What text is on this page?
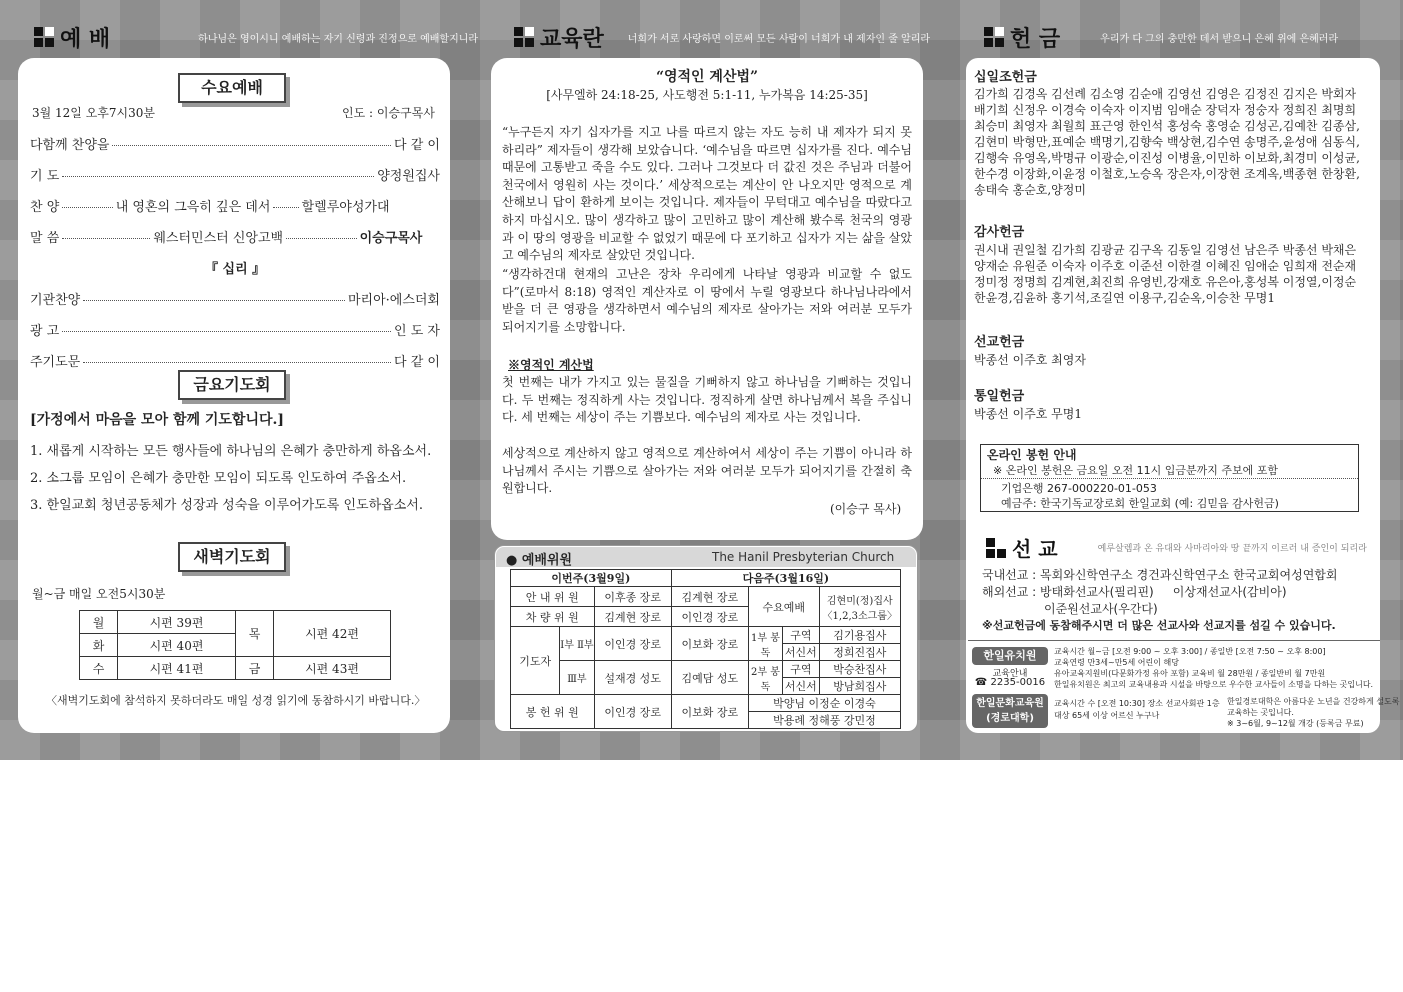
예 배	하나님은 영이시니 예배하는 자기 신령과 진정으로 예배할지니라
수요예배
3월 12일 오후7시30분	인도 : 이승구목사
다함께 찬양을	다 같 이
기 도	양정원집사
찬 양	내 영혼의 그윽히 깊은 데서 할렐루야성가대
말 씀	웨스터민스터 신앙고백	이승구목사
『 십리 』
기관찬양	마리아·에스더회
광 고	인 도 자
주기도문	다 같 이
금요기도회
[가정에서 마음을 모아 함께 기도합니다.]
1. 새롭게 시작하는 모든 행사들에 하나님의 은혜가 충만하게 하옵소서.
2. 소그룹 모임이 은혜가 충만한 모임이 되도록 인도하여 주옵소서.
3. 한일교회 청년공동체가 성장과 성숙을 이루어가도록 인도하옵소서.
새벽기도회
월~금 매일 오전5시30분
월	시편 39편	목	시편 42편
화	시편 40편		
수	시편 41편	금	시편 43편
〈새벽기도회에 참석하지 못하더라도 매일 성경 읽기에 동참하시기 바랍니다.〉
교육란 너희가 서로 사랑하면 이로써 모든 사람이 너희가 내 제자인 줄 알리라
“영적인 계산법”
[사무엘하 24:18-25, 사도행전 5:1-11, 누가복음 14:25-35]
“누구든지 자기 십자가를 지고 나를 따르지 않는 자도 능히 내 제자가 되지 못하리라” 제자들이 생각해 보았습니다. ‘예수님을 따르면 십자가를 진다. 예수님 때문에 고통받고 죽을 수도 있다. 그러나 그것보다 더 값진 것은 주님과 더불어 천국에서 영원히 사는 것이다.’ 세상적으로는 계산이 안 나오지만 영적으로 계산해보니 답이 환하게 보이는 것입니다. 제자들이 무턱대고 예수님을 따랐다고 하지 마십시오. 많이 생각하고 많이 고민하고 많이 계산해 봤수록 천국의 영광과 이 땅의 영광을 비교할 수 없었기 때문에 다 포기하고 십자가 지는 삶을 살았고 예수님의 제자로 살았던 것입니다.
“생각하건대 현재의 고난은 장차 우리에게 나타날 영광과 비교할 수 없도다”(로마서 8:18) 영적인 계산자로 이 땅에서 누릴 영광보다 하나님나라에서 받을 더 큰 영광을 생각하면서 예수님의 제자로 살아가는 저와 여러분 모두가 되어지기를 소망합니다.
※영적인 계산법
첫 번째는 내가 가지고 있는 물질을 기뻐하지 않고 하나님을 기뻐하는 것입니다. 두 번째는 정직하게 사는 것입니다. 정직하게 살면 하나님께서 복을 주십니다. 세 번째는 세상이 주는 기쁨보다. 예수님의 제자로 사는 것입니다.
세상적으로 계산하지 않고 영적으로 계산하여서 세상이 주는 기쁨이 아니라 하나님께서 주시는 기쁨으로 살아가는 저와 여러분 모두가 되어지기를 간절히 축원합니다.
(이승구 목사)
● 예배위원	The Hanil Presbyterian Church
이번주(3월9일)			다음주(3월16일)			
안 내 위 원		이후종 장로	김계현 장로	수요예배		김현미(정)집사 〈1,2,3소그룹〉
차 량 위 원		김계현 장로	이인경 장로			
기도자	Ⅰ부 Ⅱ부	이인경 장로	이보화 장로	1부 봉독	구역	김기용집사
					서신서	정희진집사
	Ⅲ부	설재경 성도	김예담 성도	2부 봉독	구역	박승찬집사
					서신서	방남희집사
봉 헌 위 원		이인경 장로	이보화 장로	박양님 이정순 이경숙		
				박용례 정해풍 강민정		
헌 금	우리가 다 그의 충만한 데서 받으니 은혜 위에 은혜러라
십일조헌금
김가희 김경옥 김선례 김소영 김순애 김영선 김영은 김정진 김지은 박회자 배기희 신정우 이경숙 이숙자 이지범 임애순 장덕자 정숭자 정희진 최명희 최승미 최영자 최월희 표근영 한인석 홍성숙 홍영순 김성곤,김예찬 김종삼,김현미 박형만,표예순 백명기,김향숙 백상현,김수연 송명주,윤성애 심동식,김행숙 유영옥,박명규 이광순,이진성 이병율,이민하 이보화,최경미 이성균,한수경 이장화,이윤정 이철호,노승옥 장은자,이장현 조계옥,백종현 한창환,송태숙 홍순호,양정미
감사헌금
권시내 권일철 김가희 김광균 김구옥 김동일 김영선 남은주 박종선 박채은 양재순 유원준 이숙자 이주호 이준선 이한결 이혜진 임애순 임희재 전순재 정미정 정명희 김계현,최진희 유영빈,강재호 유은아,홍성복 이정열,이정순 한윤경,김윤하 홍기석,조길연 이용구,김순옥,이승찬 무명1
선교헌금
박종선 이주호 최영자
통일헌금
박종선 이주호 무명1
온라인 봉헌 안내
※ 온라인 봉헌은 금요일 오전 11시 입금분까지 주보에 포함
기업은행 267-000220-01-053
예금주: 한국기독교장로회 한일교회 (예: 김믿음 감사헌금)
선 교	예루살렘과 온 유대와 사마리아와 땅 끝까지 이르러 내 증인이 되리라
국내선교 : 목회와신학연구소 경건과신학연구소 한국교회여성연합회
해외선교 : 방태화선교사(필리핀)     이상재선교사(감비아)
이준원선교사(우간다)
※선교헌금에 동참해주시면 더 많은 선교사와 선교지를 섬길 수 있습니다.
한일유치원
교육안내
☎ 2235-0016
교육시간 월~금 [오전 9:00 ~ 오후 3:00] / 종일반 [오전 7:50 ~ 오후 8:00]
교육연령 만3세~만5세 어린이 해당
유아교육지원비(다문화가정 유아 포함) 교육비 월 28만원 / 종일반비 월 7만원
한일유치원은 최고의 교육내용과 시설을 바탕으로 우수한 교사들이 소명을 다하는 곳입니다.
한일문화교육원
(경로대학)
교육시간 수 [오전 10:30] 장소 선교사회관 1층
대상 65세 이상 어르신 누구나
한일경로대학은 아름다운 노년을 건강하게 설도록
교육하는 곳입니다.
※ 3~6월, 9~12월 개강 (등록금 무료)
